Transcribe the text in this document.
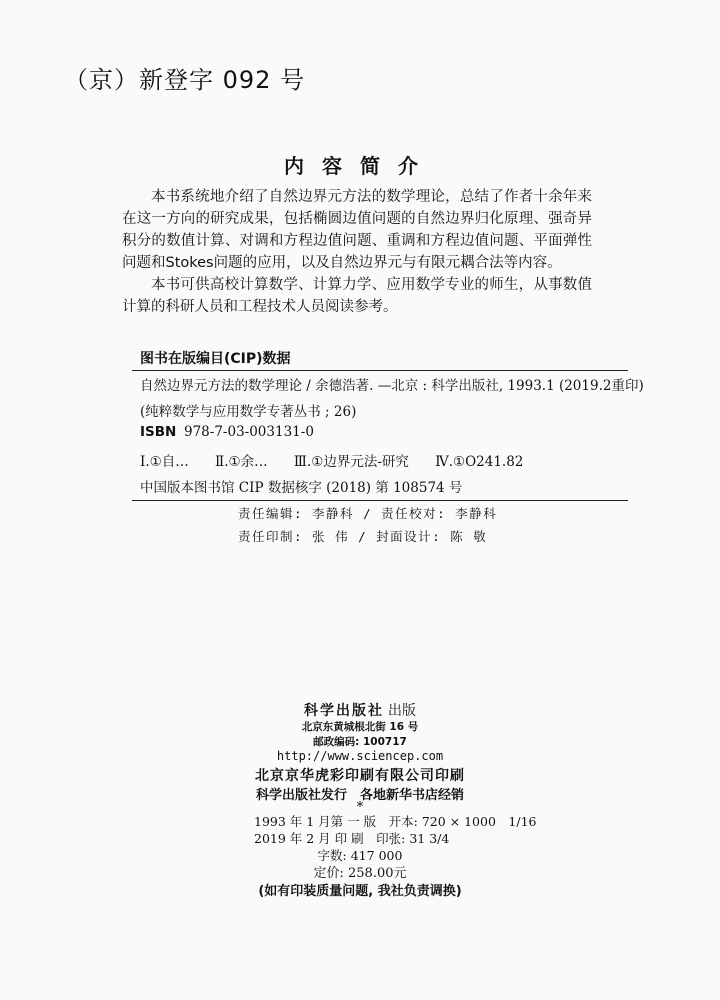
（京）新登字 092 号
内容简介

本书系统地介绍了自然边界元方法的数学理论，总结了作者十余年来在这一方向的研究成果，包括椭圆边值问题的自然边界归化原理、强奇异积分的数值计算、对调和方程边值问题、重调和方程边值问题、平面弹性问题和Stokes问题的应用，以及自然边界元与有限元耦合法等内容。

本书可供高校计算数学、计算力学、应用数学专业的师生，从事数值计算的科研人员和工程技术人员阅读参考。

图书在版编目(CIP)数据
自然边界元方法的数学理论 / 余德浩著. —北京 : 科学出版社, 1993.1 (2019.2重印)
(纯粹数学与应用数学专著丛书 ; 26)
ISBN 978-7-03-003131-0
Ⅰ.①自… Ⅱ.①余… Ⅲ.①边界元法-研究 Ⅳ.①O241.82
中国版本图书馆 CIP 数据核字 (2018) 第 108574 号
责任编辑: 李静科 / 责任校对: 李静科
责任印制: 张 伟 / 封面设计: 陈 敬
科学出版社 出版
北京东黄城根北街 16 号
邮政编码: 100717
http://www.sciencep.com
北京京华虎彩印刷有限公司印刷
科学出版社发行　各地新华书店经销
*
1993 年 1 月第 一 版　开本: 720 × 1000　1/16
2019 年 2 月 印 刷　印张: 31 3/4
字数: 417 000
定价: 258.00元
(如有印装质量问题, 我社负责调换)
